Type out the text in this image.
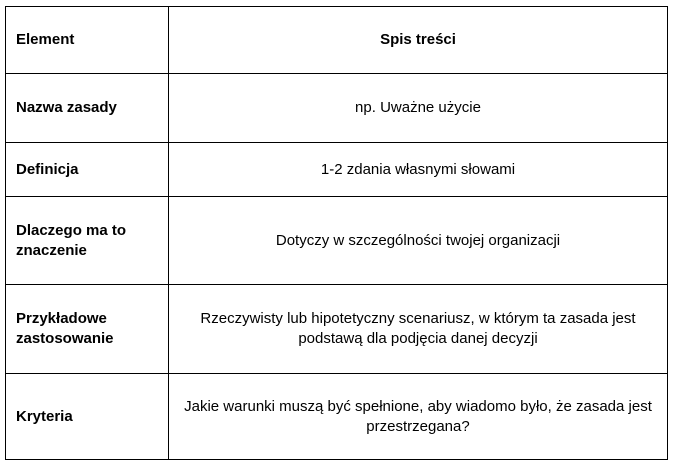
Element	Spis treści
Nazwa zasady	np. Uważne użycie
Definicja	1-2 zdania własnymi słowami
Dlaczego ma to znaczenie	Dotyczy w szczególności twojej organizacji
Przykładowe zastosowanie	Rzeczywisty lub hipotetyczny scenariusz, w którym ta zasada jest podstawą dla podjęcia danej decyzji
Kryteria	Jakie warunki muszą być spełnione, aby wiadomo było, że zasada jest przestrzegana?
